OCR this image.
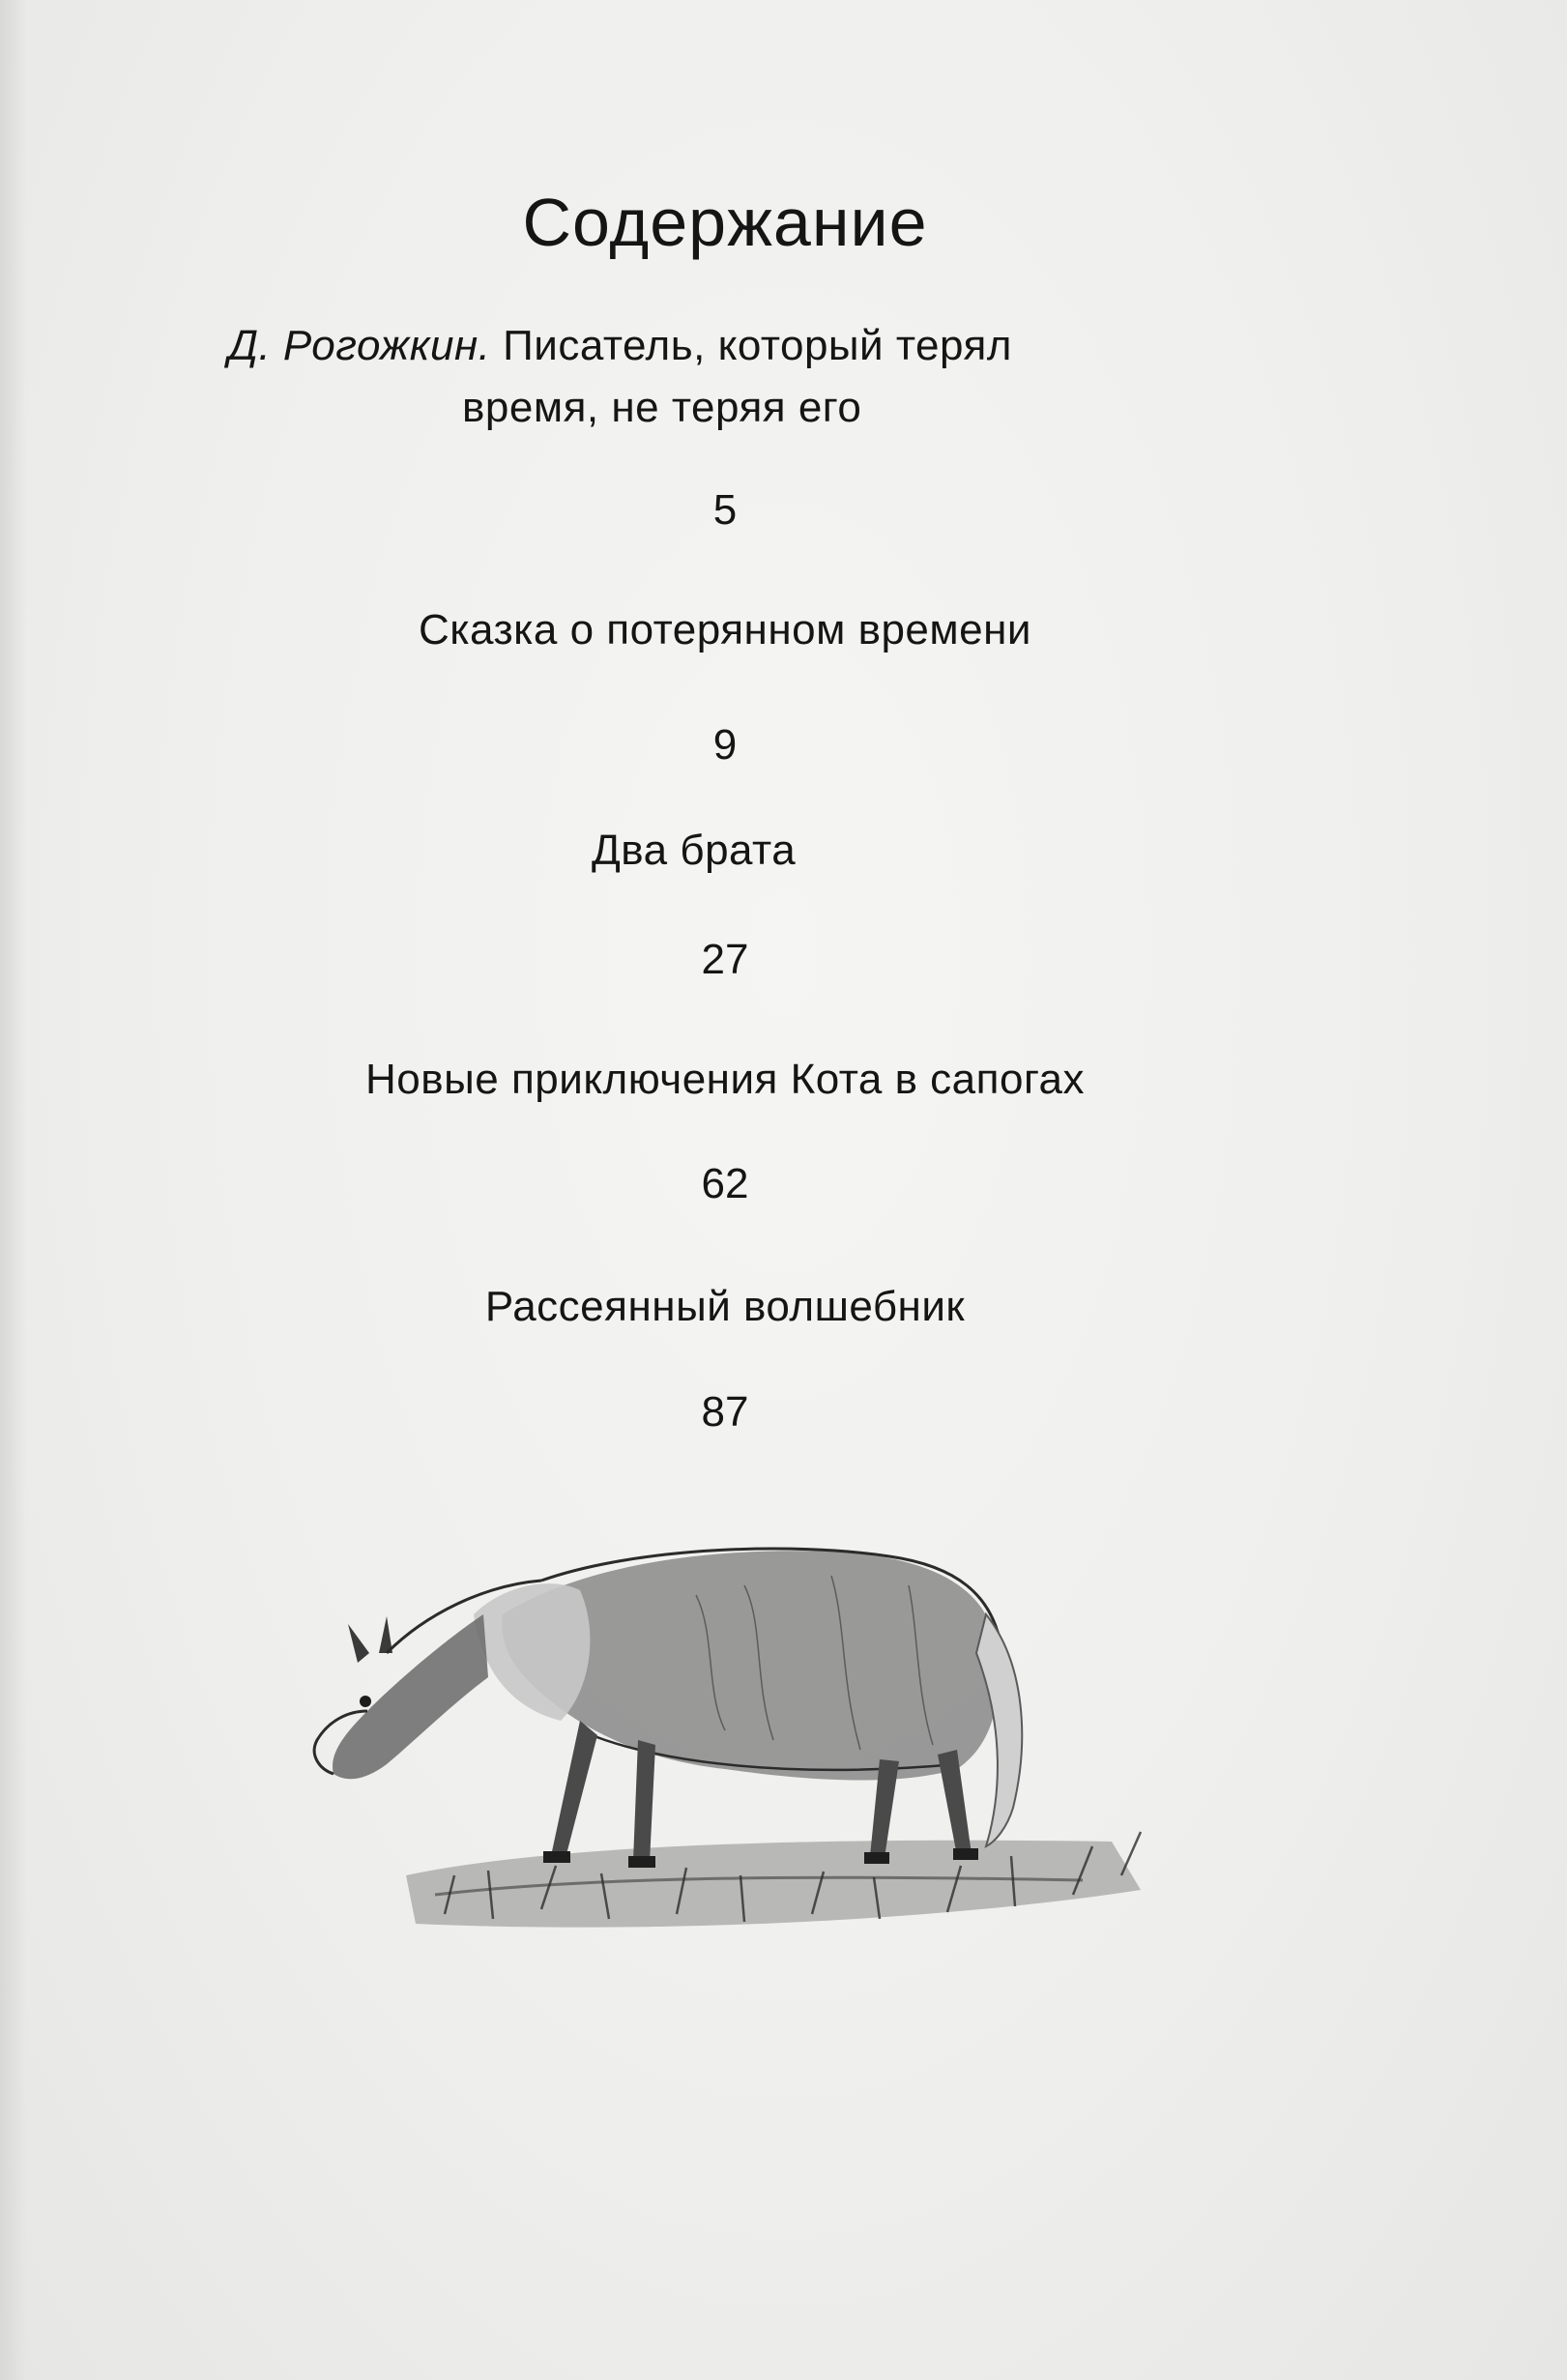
Содержание
Д. Рогожкин. Писатель, который терял
время, не теряя его
5
Сказка о потерянном времени
9
Два брата
27
Новые приключения Кота в сапогах
62
Рассеянный волшебник
87
